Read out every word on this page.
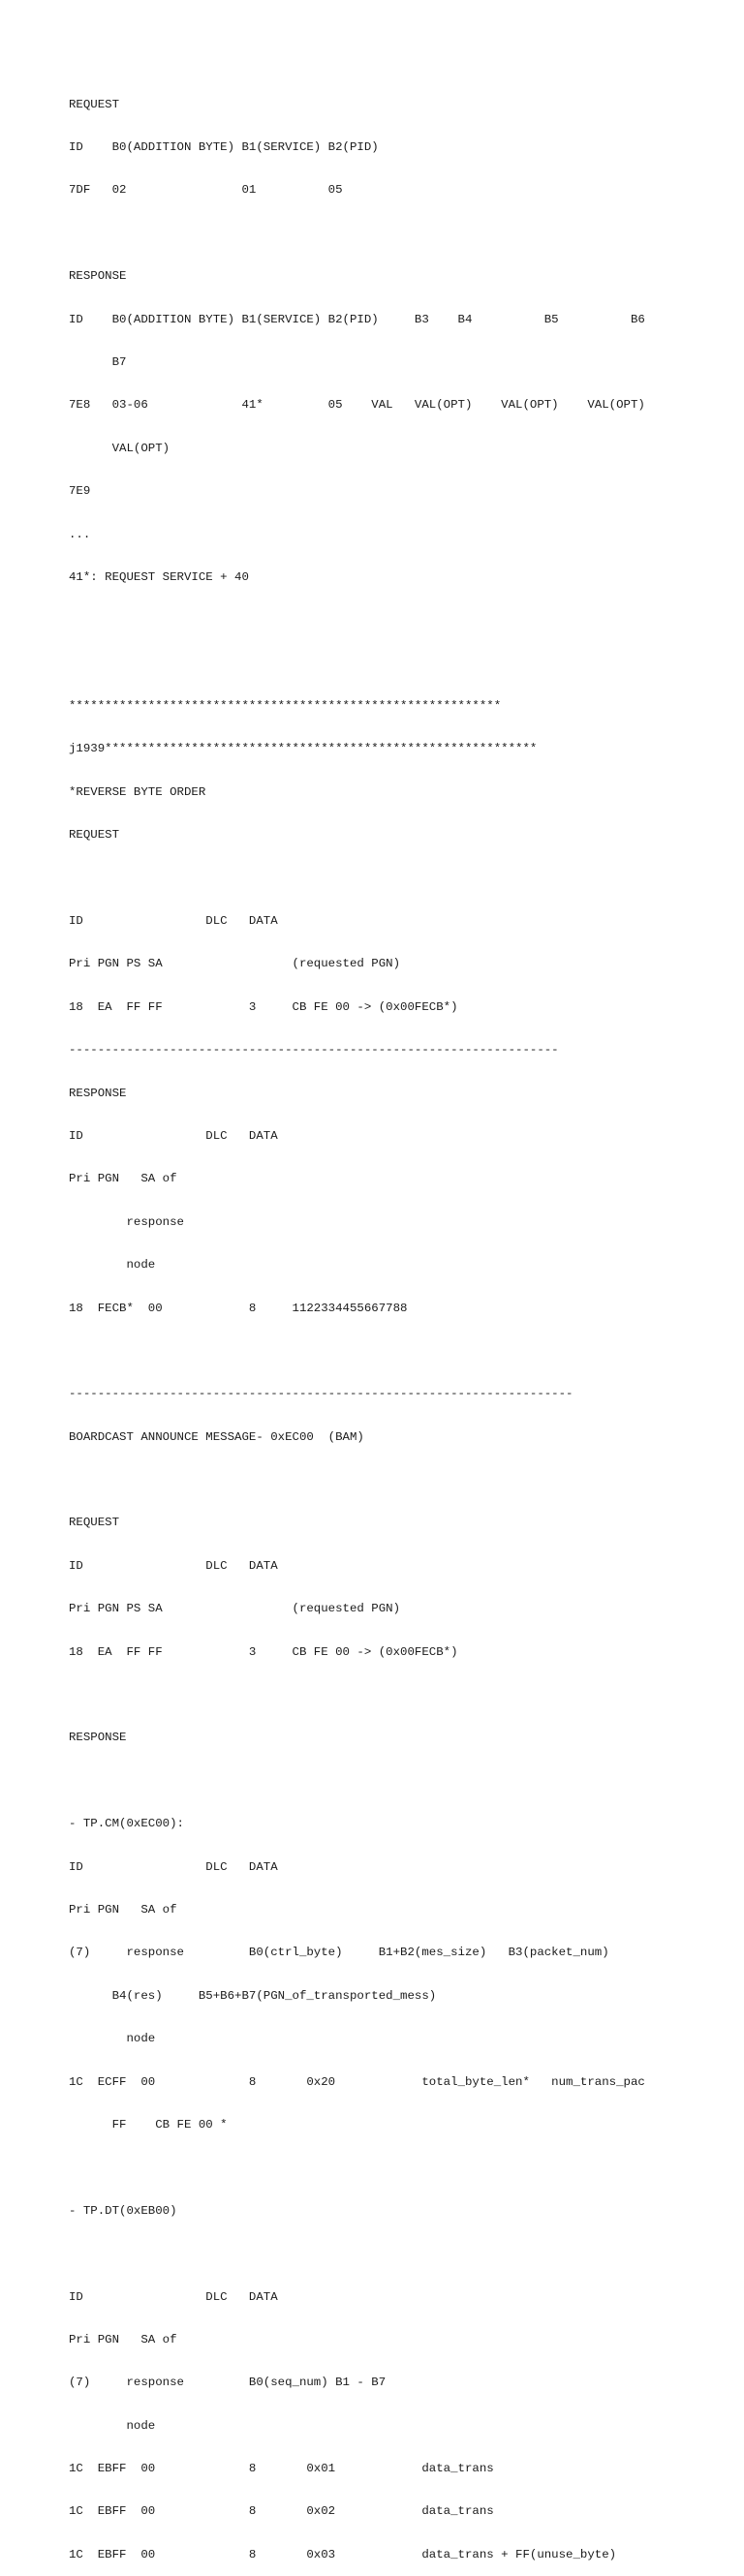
REQUEST

ID    B0(ADDITION BYTE) B1(SERVICE) B2(PID)

7DF   02                01          05

RESPONSE

ID    B0(ADDITION BYTE) B1(SERVICE) B2(PID)     B3    B4          B5          B6

B7

7E8   03-06             41*         05    VAL   VAL(OPT)    VAL(OPT)    VAL(OPT)

VAL(OPT)

7E9

...

41*: REQUEST SERVICE + 40

************************************************************

j1939************************************************************

*REVERSE BYTE ORDER

REQUEST

ID                 DLC   DATA

Pri PGN PS SA                  (requested PGN)

18  EA  FF FF            3     CB FE 00 -> (0x00FECB*)

--------------------------------------------------------------------

RESPONSE

ID                 DLC   DATA

Pri PGN   SA of

response

node

18  FECB*  00            8     1122334455667788

----------------------------------------------------------------------

BOARDCAST ANNOUNCE MESSAGE- 0xEC00  (BAM)

REQUEST

ID                 DLC   DATA

Pri PGN PS SA                  (requested PGN)

18  EA  FF FF            3     CB FE 00 -> (0x00FECB*)

RESPONSE

- TP.CM(0xEC00):

ID                 DLC   DATA

Pri PGN   SA of

(7)     response         B0(ctrl_byte)     B1+B2(mes_size)   B3(packet_num)

B4(res)     B5+B6+B7(PGN_of_transported_mess)

node

1C  ECFF  00             8       0x20            total_byte_len*   num_trans_pac

FF    CB FE 00 *

- TP.DT(0xEB00)

ID                 DLC   DATA

Pri PGN   SA of

(7)     response         B0(seq_num) B1 - B7

node

1C  EBFF  00             8       0x01            data_trans

1C  EBFF  00             8       0x02            data_trans

1C  EBFF  00             8       0x03            data_trans + FF(unuse_byte)
